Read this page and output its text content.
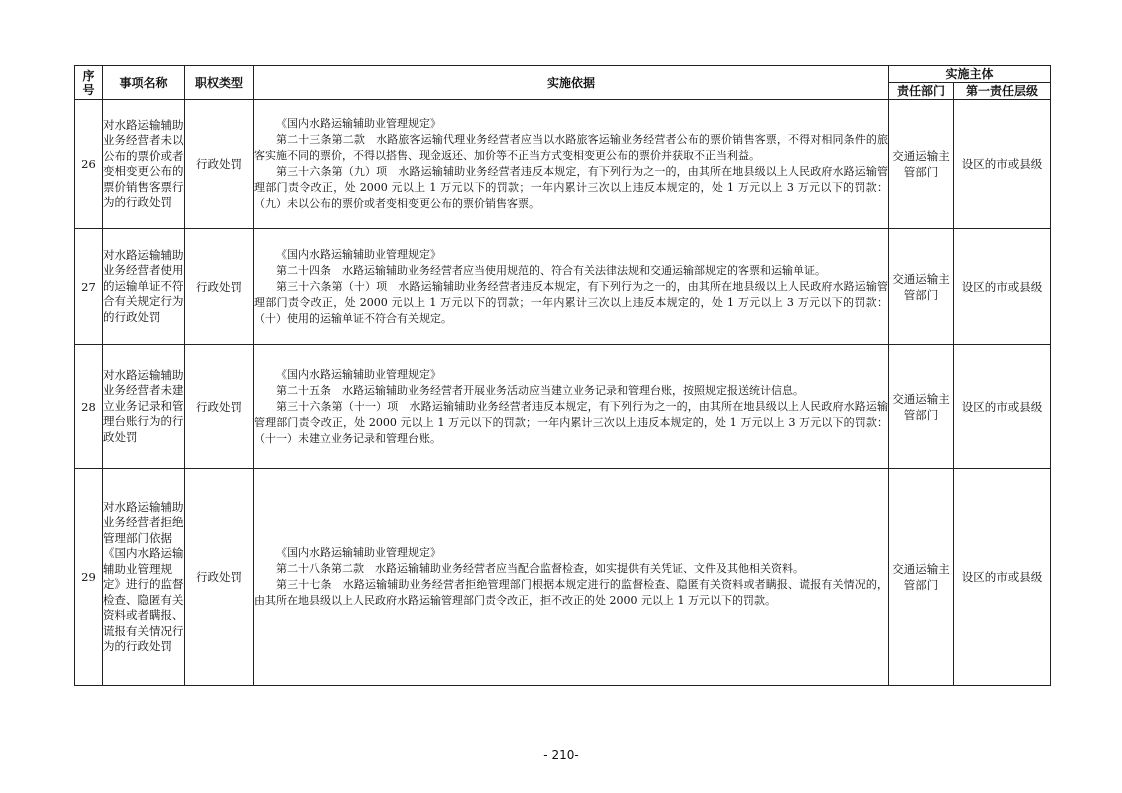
序号	事项名称	职权类型	实施依据	实施主体	
				责任部门	第一责任层级
26	对水路运输辅助业务经营者未以公布的票价或者变相变更公布的票价销售客票行为的行政处罚	行政处罚	《国内水路运输辅助业管理规定》

第二十三条第二款　水路旅客运输代理业务经营者应当以水路旅客运输业务经营者公布的票价销售客票，不得对相同条件的旅客实施不同的票价，不得以搭售、现金返还、加价等不正当方式变相变更公布的票价并获取不正当利益。

第三十六条第（九）项　水路运输辅助业务经营者违反本规定，有下列行为之一的，由其所在地县级以上人民政府水路运输管理部门责令改正，处 2000 元以上 1 万元以下的罚款；一年内累计三次以上违反本规定的，处 1 万元以上 3 万元以下的罚款：（九）未以公布的票价或者变相变更公布的票价销售客票。	交通运输主管部门	设区的市或县级
27	对水路运输辅助业务经营者使用的运输单证不符合有关规定行为的行政处罚	行政处罚	《国内水路运输辅助业管理规定》

第二十四条　水路运输辅助业务经营者应当使用规范的、符合有关法律法规和交通运输部规定的客票和运输单证。

第三十六条第（十）项　水路运输辅助业务经营者违反本规定，有下列行为之一的，由其所在地县级以上人民政府水路运输管理部门责令改正，处 2000 元以上 1 万元以下的罚款；一年内累计三次以上违反本规定的，处 1 万元以上 3 万元以下的罚款：（十）使用的运输单证不符合有关规定。	交通运输主管部门	设区的市或县级
28	对水路运输辅助业务经营者未建立业务记录和管理台账行为的行政处罚	行政处罚	《国内水路运输辅助业管理规定》

第二十五条　水路运输辅助业务经营者开展业务活动应当建立业务记录和管理台账，按照规定报送统计信息。

第三十六条第（十一）项　水路运输辅助业务经营者违反本规定，有下列行为之一的，由其所在地县级以上人民政府水路运输管理部门责令改正，处 2000 元以上 1 万元以下的罚款；一年内累计三次以上违反本规定的，处 1 万元以上 3 万元以下的罚款：（十一）未建立业务记录和管理台账。	交通运输主管部门	设区的市或县级
29	对水路运输辅助业务经营者拒绝管理部门依据《国内水路运输辅助业管理规定》进行的监督检查、隐匿有关资料或者瞒报、谎报有关情况行为的行政处罚	行政处罚	《国内水路运输辅助业管理规定》

第二十八条第二款　水路运输辅助业务经营者应当配合监督检查，如实提供有关凭证、文件及其他相关资料。

第三十七条　水路运输辅助业务经营者拒绝管理部门根据本规定进行的监督检查、隐匿有关资料或者瞒报、谎报有关情况的，由其所在地县级以上人民政府水路运输管理部门责令改正，拒不改正的处 2000 元以上 1 万元以下的罚款。	交通运输主管部门	设区的市或县级
- 210-
